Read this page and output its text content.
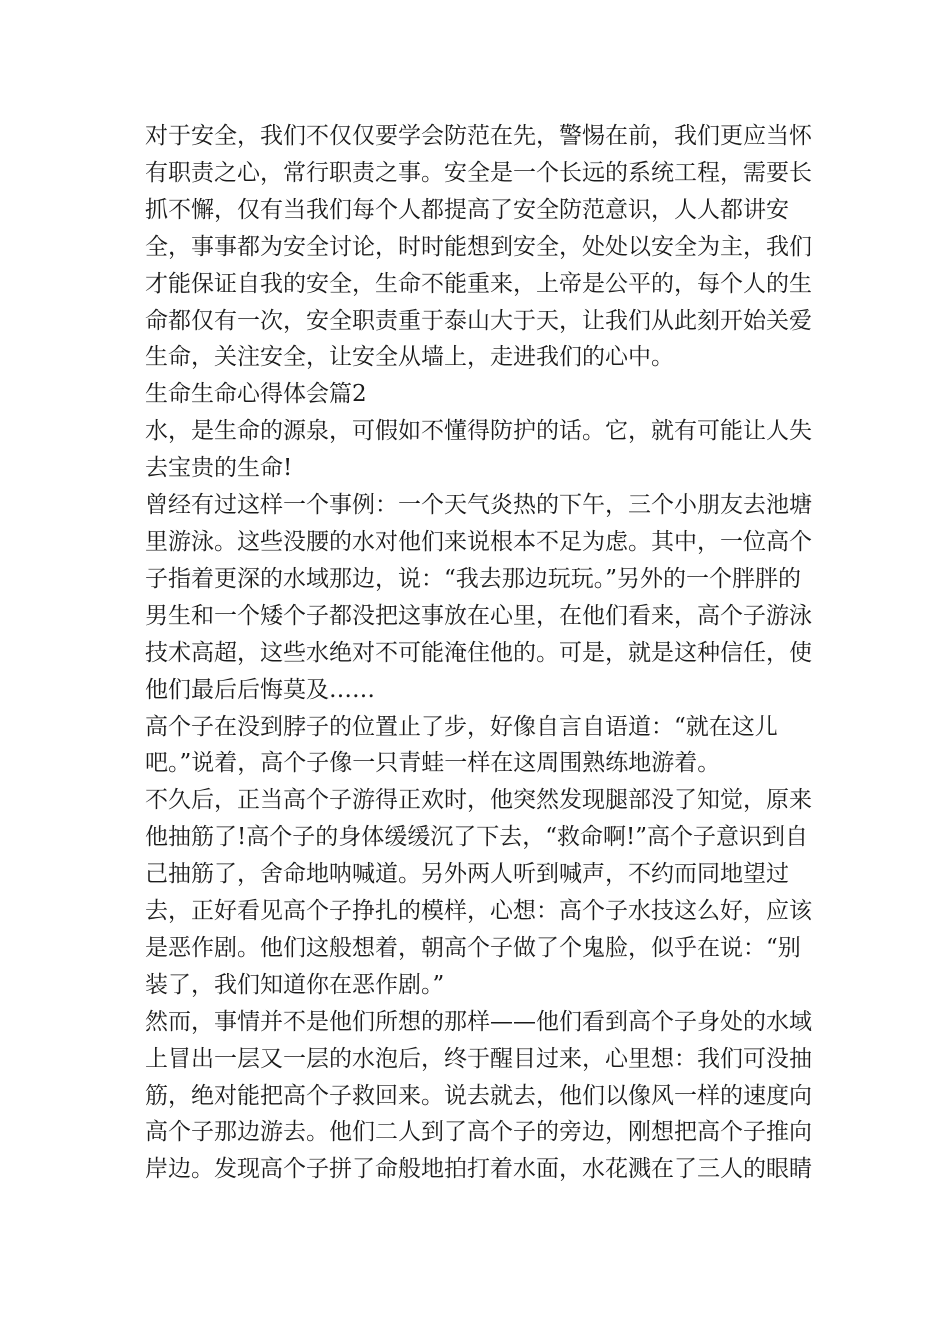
对于安全，我们不仅仅要学会防范在先，警惕在前，我们更应当怀有职责之心，常行职责之事。安全是一个长远的系统工程，需要长抓不懈，仅有当我们每个人都提高了安全防范意识，人人都讲安全，事事都为安全讨论，时时能想到安全，处处以安全为主，我们才能保证自我的安全，生命不能重来，上帝是公平的，每个人的生命都仅有一次，安全职责重于泰山大于天，让我们从此刻开始关爱生命，关注安全，让安全从墙上，走进我们的心中。

生命生命心得体会篇2

水，是生命的源泉，可假如不懂得防护的话。它，就有可能让人失去宝贵的生命!

曾经有过这样一个事例：一个天气炎热的下午，三个小朋友去池塘里游泳。这些没腰的水对他们来说根本不足为虑。其中，一位高个子指着更深的水域那边，说：“我去那边玩玩。”另外的一个胖胖的男生和一个矮个子都没把这事放在心里，在他们看来，高个子游泳技术高超，这些水绝对不可能淹住他的。可是，就是这种信任，使他们最后后悔莫及……

高个子在没到脖子的位置止了步，好像自言自语道：“就在这儿吧。”说着，高个子像一只青蛙一样在这周围熟练地游着。

不久后，正当高个子游得正欢时，他突然发现腿部没了知觉，原来他抽筋了!高个子的身体缓缓沉了下去，“救命啊!”高个子意识到自己抽筋了，舍命地呐喊道。另外两人听到喊声，不约而同地望过去，正好看见高个子挣扎的模样，心想：高个子水技这么好，应该是恶作剧。他们这般想着，朝高个子做了个鬼脸，似乎在说：“别装了，我们知道你在恶作剧。”

然而，事情并不是他们所想的那样——他们看到高个子身处的水域上冒出一层又一层的水泡后，终于醒目过来，心里想：我们可没抽筋，绝对能把高个子救回来。说去就去，他们以像风一样的速度向高个子那边游去。他们二人到了高个子的旁边，刚想把高个子推向岸边。发现高个子拼了命般地拍打着水面，水花溅在了三人的眼睛
